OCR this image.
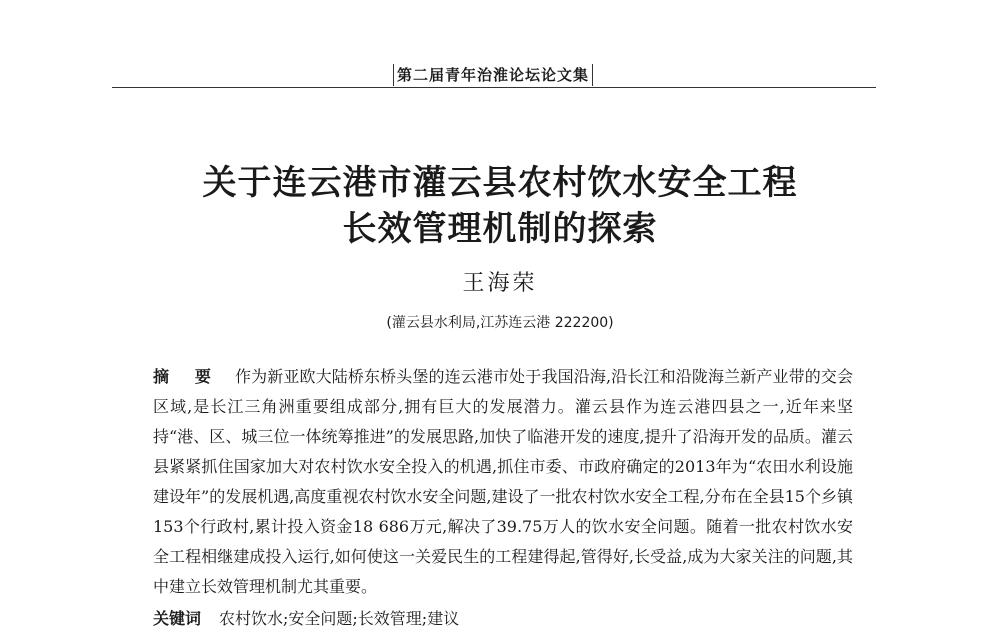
第二届青年治淮论坛论文集
关于连云港市灌云县农村饮水安全工程
长效管理机制的探索
王海荣
(灌云县水利局,江苏连云港 222200)

摘 要 作为新亚欧大陆桥东桥头堡的连云港市处于我国沿海,沿长江和沿陇海兰新产业带的交会区域,是长江三角洲重要组成部分,拥有巨大的发展潜力。灌云县作为连云港四县之一,近年来坚持“港、区、城三位一体统筹推进”的发展思路,加快了临港开发的速度,提升了沿海开发的品质。灌云县紧紧抓住国家加大对农村饮水安全投入的机遇,抓住市委、市政府确定的2013年为“农田水利设施建设年”的发展机遇,高度重视农村饮水安全问题,建设了一批农村饮水安全工程,分布在全县15个乡镇153个行政村,累计投入资金18 686万元,解决了39.75万人的饮水安全问题。随着一批农村饮水安全工程相继建成投入运行,如何使这一关爱民生的工程建得起,管得好,长受益,成为大家关注的问题,其中建立长效管理机制尤其重要。

关键词 农村饮水;安全问题;长效管理;建议
